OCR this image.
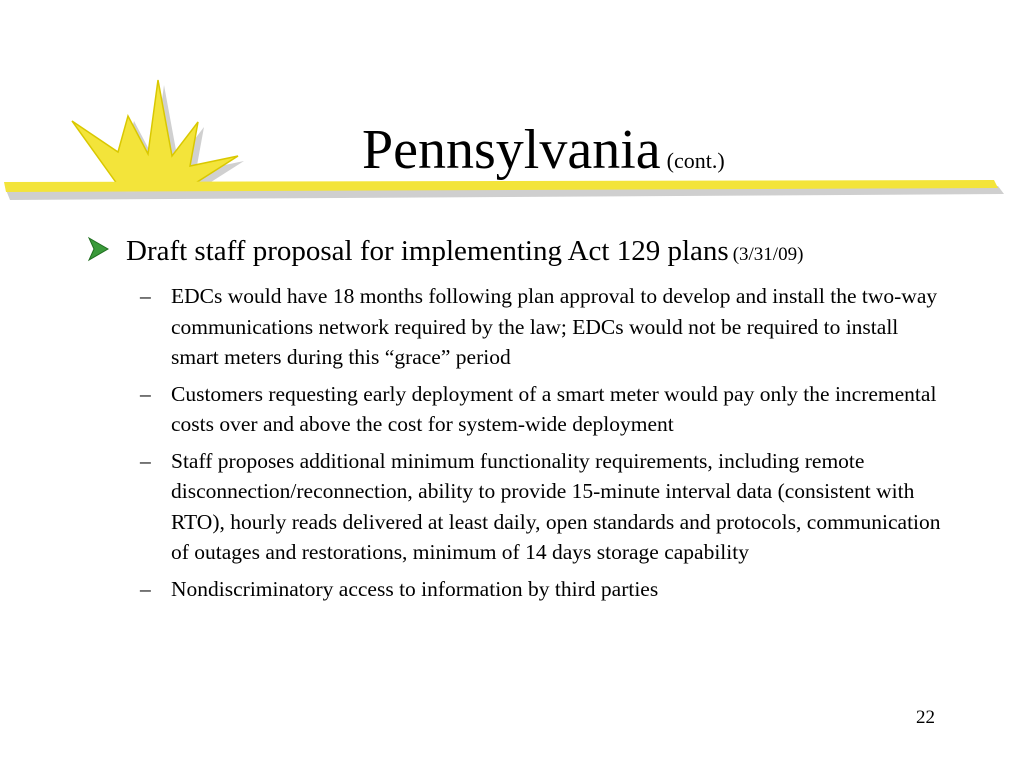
Pennsylvania (cont.)
Draft staff proposal for implementing Act 129 plans (3/31/09)
– EDCs would have 18 months following plan approval to develop and install the two-way communications network required by the law; EDCs would not be required to install smart meters during this “grace” period
– Customers requesting early deployment of a smart meter would pay only the incremental costs over and above the cost for system-wide deployment
– Staff proposes additional minimum functionality requirements, including remote disconnection/reconnection, ability to provide 15-minute interval data (consistent with RTO), hourly reads delivered at least daily, open standards and protocols, communication of outages and restorations, minimum of 14 days storage capability
– Nondiscriminatory access to information by third parties
22
